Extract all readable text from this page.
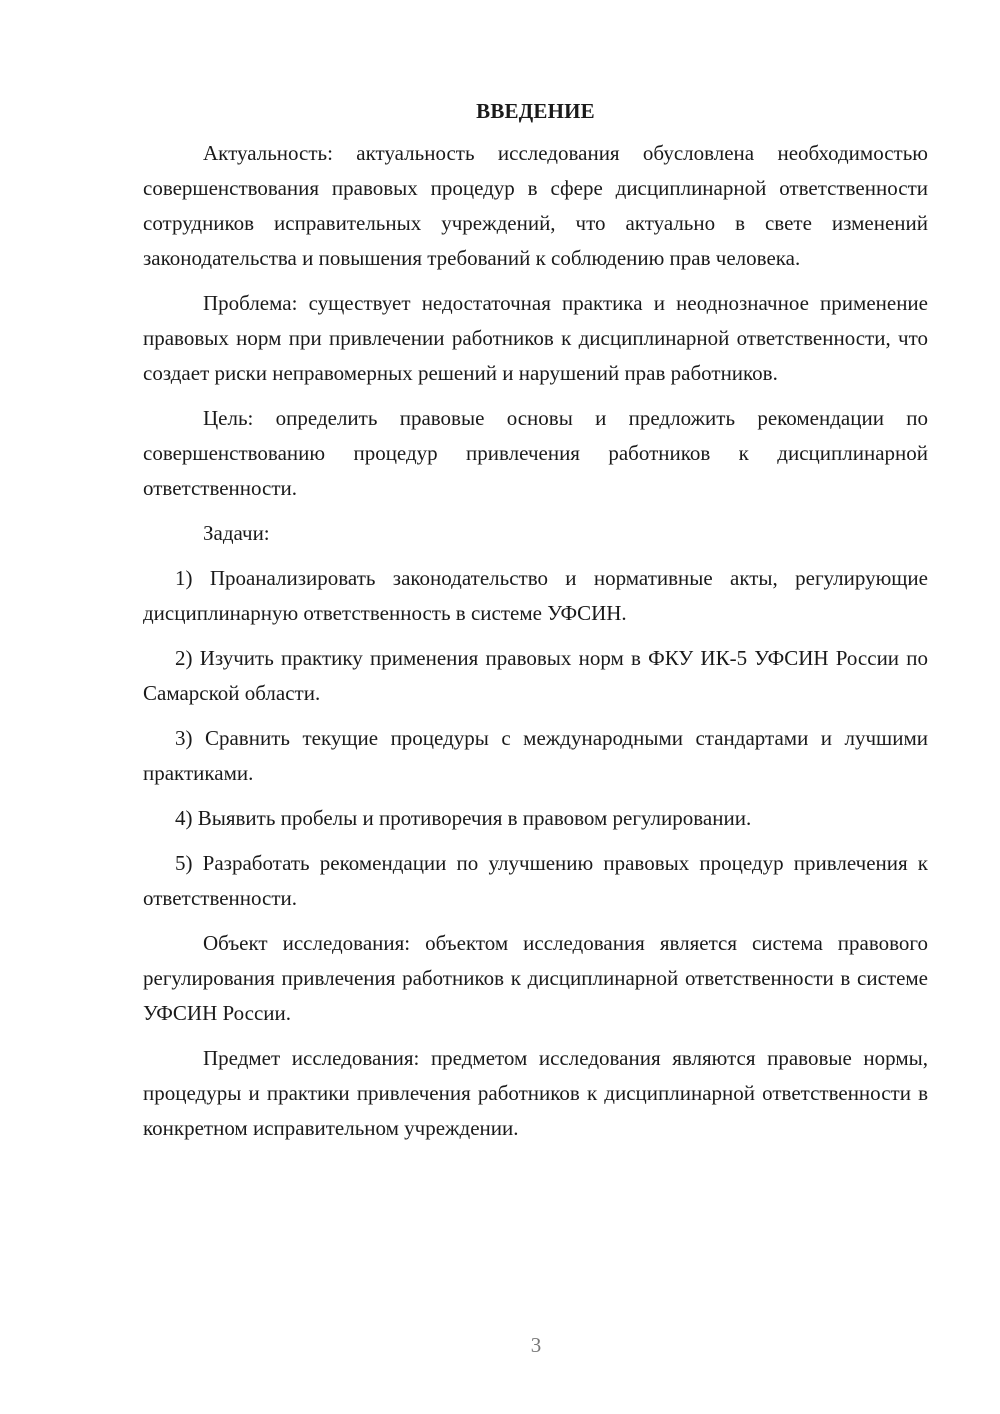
ВВЕДЕНИЕ

Актуальность: актуальность исследования обусловлена необходимостью совершенствования правовых процедур в сфере дисциплинарной ответственности сотрудников исправительных учреждений, что актуально в свете изменений законодательства и повышения требований к соблюдению прав человека.

Проблема: существует недостаточная практика и неоднозначное применение правовых норм при привлечении работников к дисциплинарной ответственности, что создает риски неправомерных решений и нарушений прав работников.

Цель: определить правовые основы и предложить рекомендации по совершенствованию процедур привлечения работников к дисциплинарной ответственности.

Задачи:

1) Проанализировать законодательство и нормативные акты, регулирующие дисциплинарную ответственность в системе УФСИН.

2) Изучить практику применения правовых норм в ФКУ ИК-5 УФСИН России по Самарской области.

3) Сравнить текущие процедуры с международными стандартами и лучшими практиками.

4) Выявить пробелы и противоречия в правовом регулировании.

5) Разработать рекомендации по улучшению правовых процедур привлечения к ответственности.

Объект исследования: объектом исследования является система правового регулирования привлечения работников к дисциплинарной ответственности в системе УФСИН России.

Предмет исследования: предметом исследования являются правовые нормы, процедуры и практики привлечения работников к дисциплинарной ответственности в конкретном исправительном учреждении.

3
